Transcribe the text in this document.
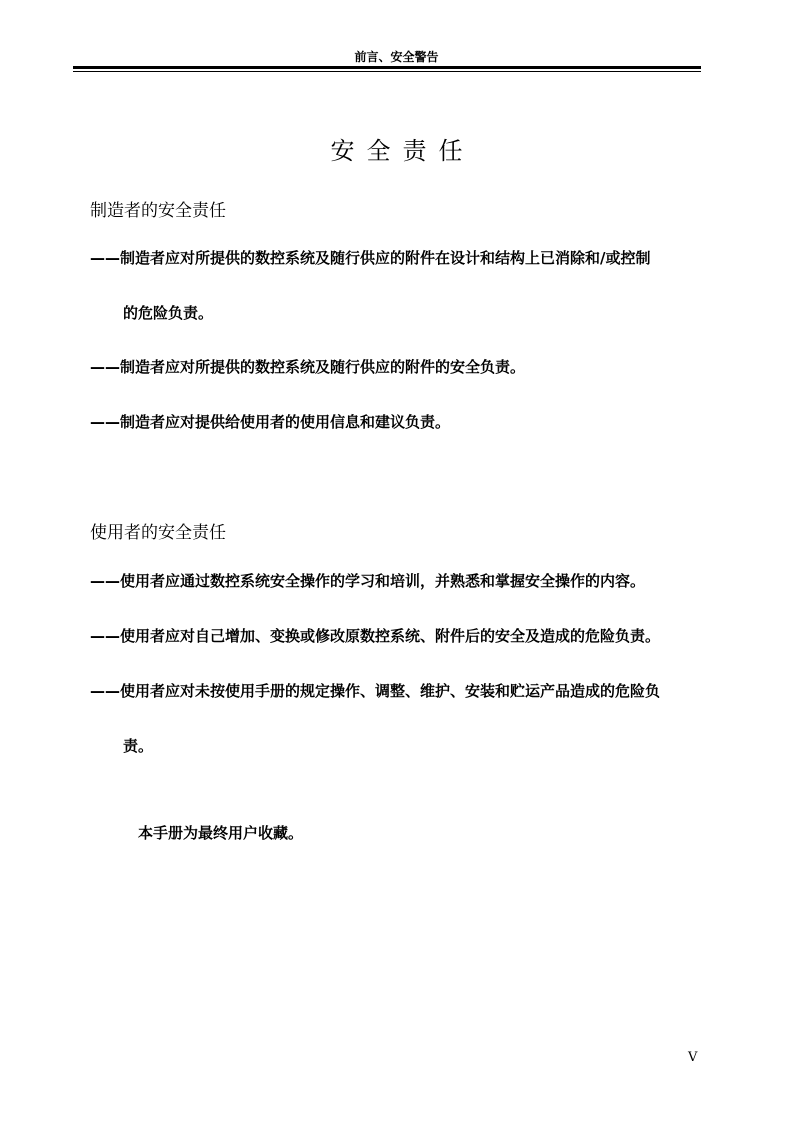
前言、安全警告
安全责任
制造者的安全责任
——制造者应对所提供的数控系统及随行供应的附件在设计和结构上已消除和/或控制
的危险负责。
——制造者应对所提供的数控系统及随行供应的附件的安全负责。
——制造者应对提供给使用者的使用信息和建议负责。
使用者的安全责任
——使用者应通过数控系统安全操作的学习和培训，并熟悉和掌握安全操作的内容。
——使用者应对自己增加、变换或修改原数控系统、附件后的安全及造成的危险负责。
——使用者应对未按使用手册的规定操作、调整、维护、安装和贮运产品造成的危险负
责。
本手册为最终用户收藏。
V
